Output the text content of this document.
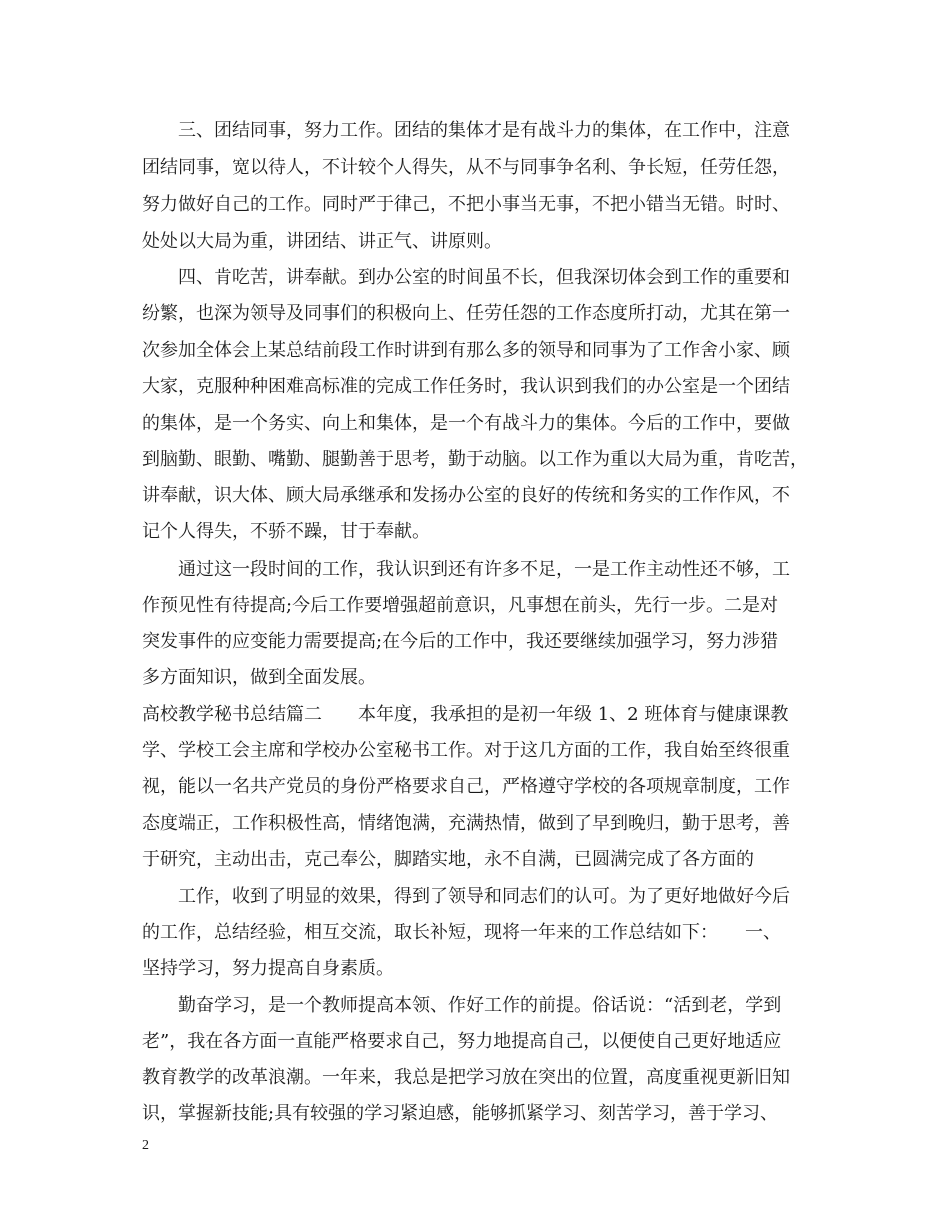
三、团结同事，努力工作。团结的集体才是有战斗力的集体，在工作中，注意

团结同事，宽以待人，不计较个人得失，从不与同事争名利、争长短，任劳任怨，

努力做好自己的工作。同时严于律己，不把小事当无事，不把小错当无错。时时、

处处以大局为重，讲团结、讲正气、讲原则。

四、肯吃苦，讲奉献。到办公室的时间虽不长，但我深切体会到工作的重要和

纷繁，也深为领导及同事们的积极向上、任劳任怨的工作态度所打动，尤其在第一

次参加全体会上某总结前段工作时讲到有那么多的领导和同事为了工作舍小家、顾

大家，克服种种困难高标准的完成工作任务时，我认识到我们的办公室是一个团结

的集体，是一个务实、向上和集体，是一个有战斗力的集体。今后的工作中，要做

到脑勤、眼勤、嘴勤、腿勤善于思考，勤于动脑。以工作为重以大局为重，肯吃苦，

讲奉献，识大体、顾大局承继承和发扬办公室的良好的传统和务实的工作作风，不

记个人得失，不骄不躁，甘于奉献。

通过这一段时间的工作，我认识到还有许多不足，一是工作主动性还不够，工

作预见性有待提高;今后工作要增强超前意识，凡事想在前头，先行一步。二是对

突发事件的应变能力需要提高;在今后的工作中，我还要继续加强学习，努力涉猎

多方面知识，做到全面发展。

高校教学秘书总结篇二　　本年度，我承担的是初一年级 1、2 班体育与健康课教

学、学校工会主席和学校办公室秘书工作。对于这几方面的工作，我自始至终很重

视，能以一名共产党员的身份严格要求自己，严格遵守学校的各项规章制度，工作

态度端正，工作积极性高，情绪饱满，充满热情，做到了早到晚归，勤于思考，善

于研究，主动出击，克己奉公，脚踏实地，永不自满，已圆满完成了各方面的

工作，收到了明显的效果，得到了领导和同志们的认可。为了更好地做好今后

的工作，总结经验，相互交流，取长补短，现将一年来的工作总结如下：　　一、

坚持学习，努力提高自身素质。

勤奋学习，是一个教师提高本领、作好工作的前提。俗话说：“活到老，学到

老”，我在各方面一直能严格要求自己，努力地提高自己，以便使自己更好地适应

教育教学的改革浪潮。一年来，我总是把学习放在突出的位置，高度重视更新旧知

识，掌握新技能;具有较强的学习紧迫感，能够抓紧学习、刻苦学习，善于学习、

2
